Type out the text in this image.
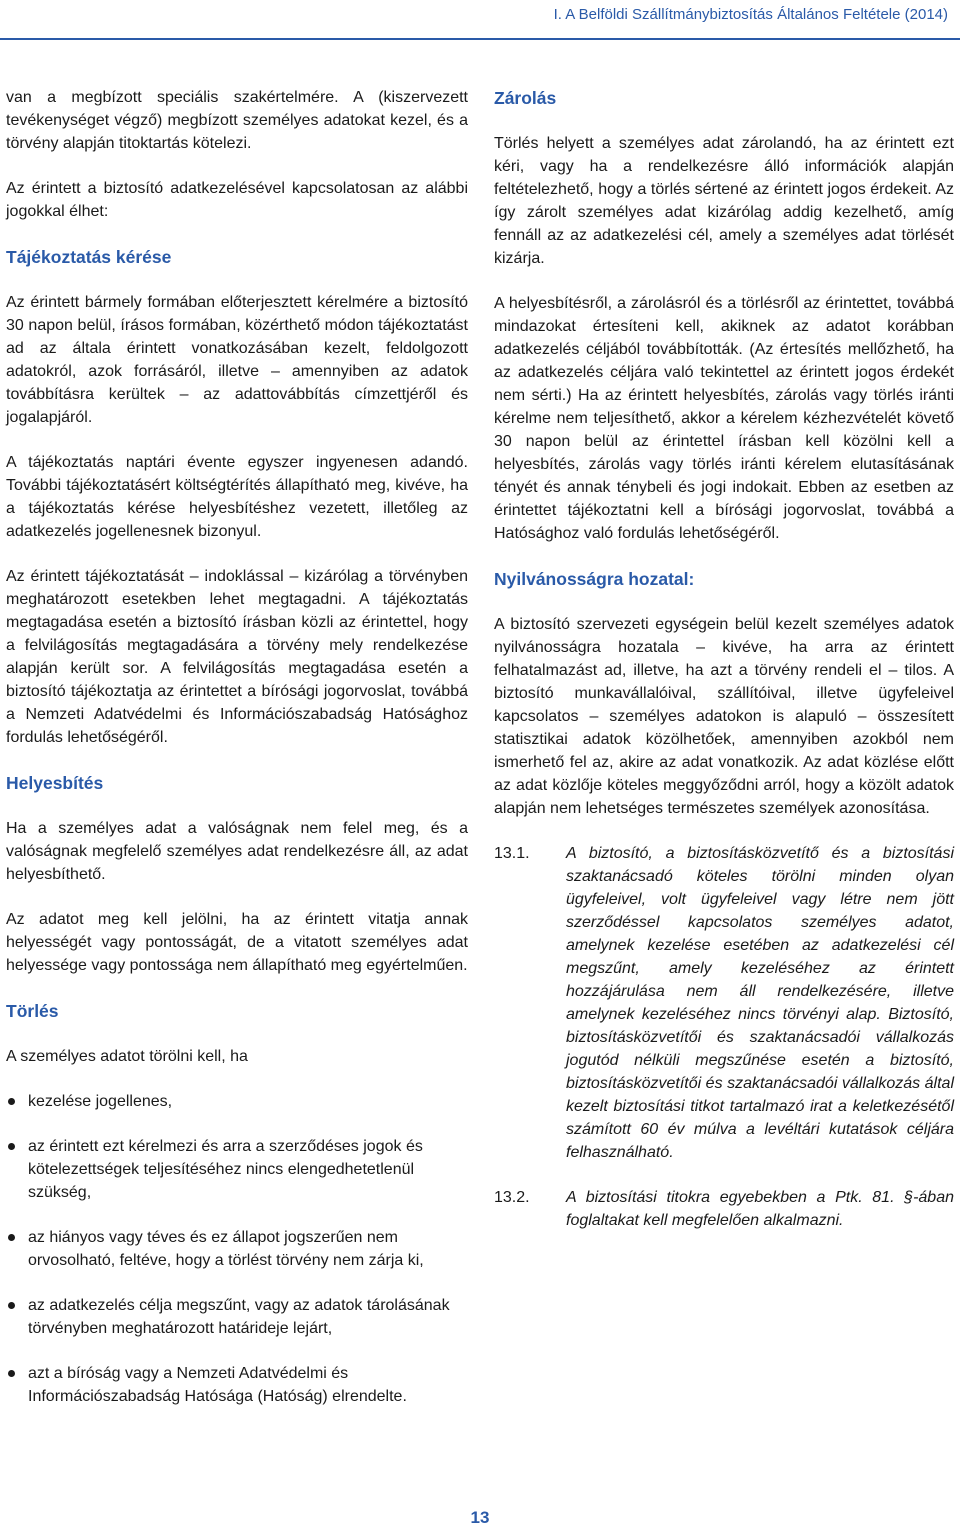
I. A Belföldi Szállítmánybiztosítás Általános Feltétele (2014)

van a megbízott speciális szakértelmére. A (kiszervezett tevékenységet végző) megbízott személyes adatokat kezel, és a törvény alapján titoktartás kötelezi.

Az érintett a biztosító adatkezelésével kapcsolatosan az alábbi jogokkal élhet:

Tájékoztatás kérése

Az érintett bármely formában előterjesztett kérelmére a biztosító 30 napon belül, írásos formában, közérthető módon tájékoztatást ad az általa érintett vonatkozásában kezelt, feldolgozott adatokról, azok forrásáról, illetve – amennyiben az adatok továbbításra kerültek – az adattovábbítás címzettjéről és jogalapjáról.

A tájékoztatás naptári évente egyszer ingyenesen adandó. További tájékoztatásért költségtérítés állapítható meg, kivéve, ha a tájékoztatás kérése helyesbítéshez vezetett, illetőleg az adatkezelés jogellenesnek bizonyul.

Az érintett tájékoztatását – indoklással – kizárólag a törvényben meghatározott esetekben lehet megtagadni. A tájékoztatás megtagadása esetén a biztosító írásban közli az érintettel, hogy a felvilágosítás megtagadására a törvény mely rendelkezése alapján került sor. A felvilágosítás megtagadása esetén a biztosító tájékoztatja az érintettet a bírósági jogorvoslat, továbbá a Nemzeti Adatvédelmi és Információszabadság Hatósághoz fordulás lehetőségéről.

Helyesbítés

Ha a személyes adat a valóságnak nem felel meg, és a valóságnak megfelelő személyes adat rendelkezésre áll, az adat helyesbíthető.

Az adatot meg kell jelölni, ha az érintett vitatja annak helyességét vagy pontosságát, de a vitatott személyes adat helyessége vagy pontossága nem állapítható meg egyértelműen.

Törlés

A személyes adatot törölni kell, ha

kezelése jogellenes,
az érintett ezt kérelmezi és arra a szerződéses jogok és kötelezettségek teljesítéséhez nincs elengedhetetlenül szükség,
az hiányos vagy téves és ez állapot jogszerűen nem orvosolható, feltéve, hogy a törlést törvény nem zárja ki,
az adatkezelés célja megszűnt, vagy az adatok tárolásának törvényben meghatározott határideje lejárt,
azt a bíróság vagy a Nemzeti Adatvédelmi és Információszabadság Hatósága (Hatóság) elrendelte.
Zárolás

Törlés helyett a személyes adat zárolandó, ha az érintett ezt kéri, vagy ha a rendelkezésre álló információk alapján feltételezhető, hogy a törlés sértené az érintett jogos érdekeit. Az így zárolt személyes adat kizárólag addig kezelhető, amíg fennáll az az adatkezelési cél, amely a személyes adat törlését kizárja.

A helyesbítésről, a zárolásról és a törlésről az érintettet, továbbá mindazokat értesíteni kell, akiknek az adatot korábban adatkezelés céljából továbbították. (Az értesítés mellőzhető, ha az adatkezelés céljára való tekintettel az érintett jogos érdekét nem sérti.) Ha az érintett helyesbítés, zárolás vagy törlés iránti kérelme nem teljesíthető, akkor a kérelem kézhezvételét követő 30 napon belül az érintettel írásban kell közölni kell a helyesbítés, zárolás vagy törlés iránti kérelem elutasításának tényét és annak ténybeli és jogi indokait. Ebben az esetben az érintettet tájékoztatni kell a bírósági jogorvoslat, továbbá a Hatósághoz való fordulás lehetőségéről.

Nyilvánosságra hozatal:

A biztosító szervezeti egységein belül kezelt személyes adatok nyilvánosságra hozatala – kivéve, ha arra az érintett felhatalmazást ad, illetve, ha azt a törvény rendeli el – tilos. A biztosító munkavállalóival, szállítóival, illetve ügyfeleivel kapcsolatos – személyes adatokon is alapuló – összesített statisztikai adatok közölhetőek, amennyiben azokból nem ismerhető fel az, akire az adat vonatkozik. Az adat közlése előtt az adat közlője köteles meggyőződni arról, hogy a közölt adatok alapján nem lehetséges természetes személyek azonosítása.

13.1.	A biztosító, a biztosításközvetítő és a biztosítási szaktanácsadó köteles törölni minden olyan ügyfeleivel, volt ügyfeleivel vagy létre nem jött szerződéssel kapcsolatos személyes adatot, amelynek kezelése esetében az adatkezelési cél megszűnt, amely kezeléséhez az érintett hozzájárulása nem áll rendelkezésére, illetve amelynek kezeléséhez nincs törvényi alap. Biztosító, biztosításközvetítői és szaktanácsadói vállalkozás jogutód nélküli megszűnése esetén a biztosító, biztosításközvetítői és szaktanácsadói vállalkozás által kezelt biztosítási titkot tartalmazó irat a keletkezésétől számított 60 év múlva a levéltári kutatások céljára felhasználható.
13.2.	A biztosítási titokra egyebekben a Ptk. 81. §-ában foglaltakat kell megfelelően alkalmazni.
13
